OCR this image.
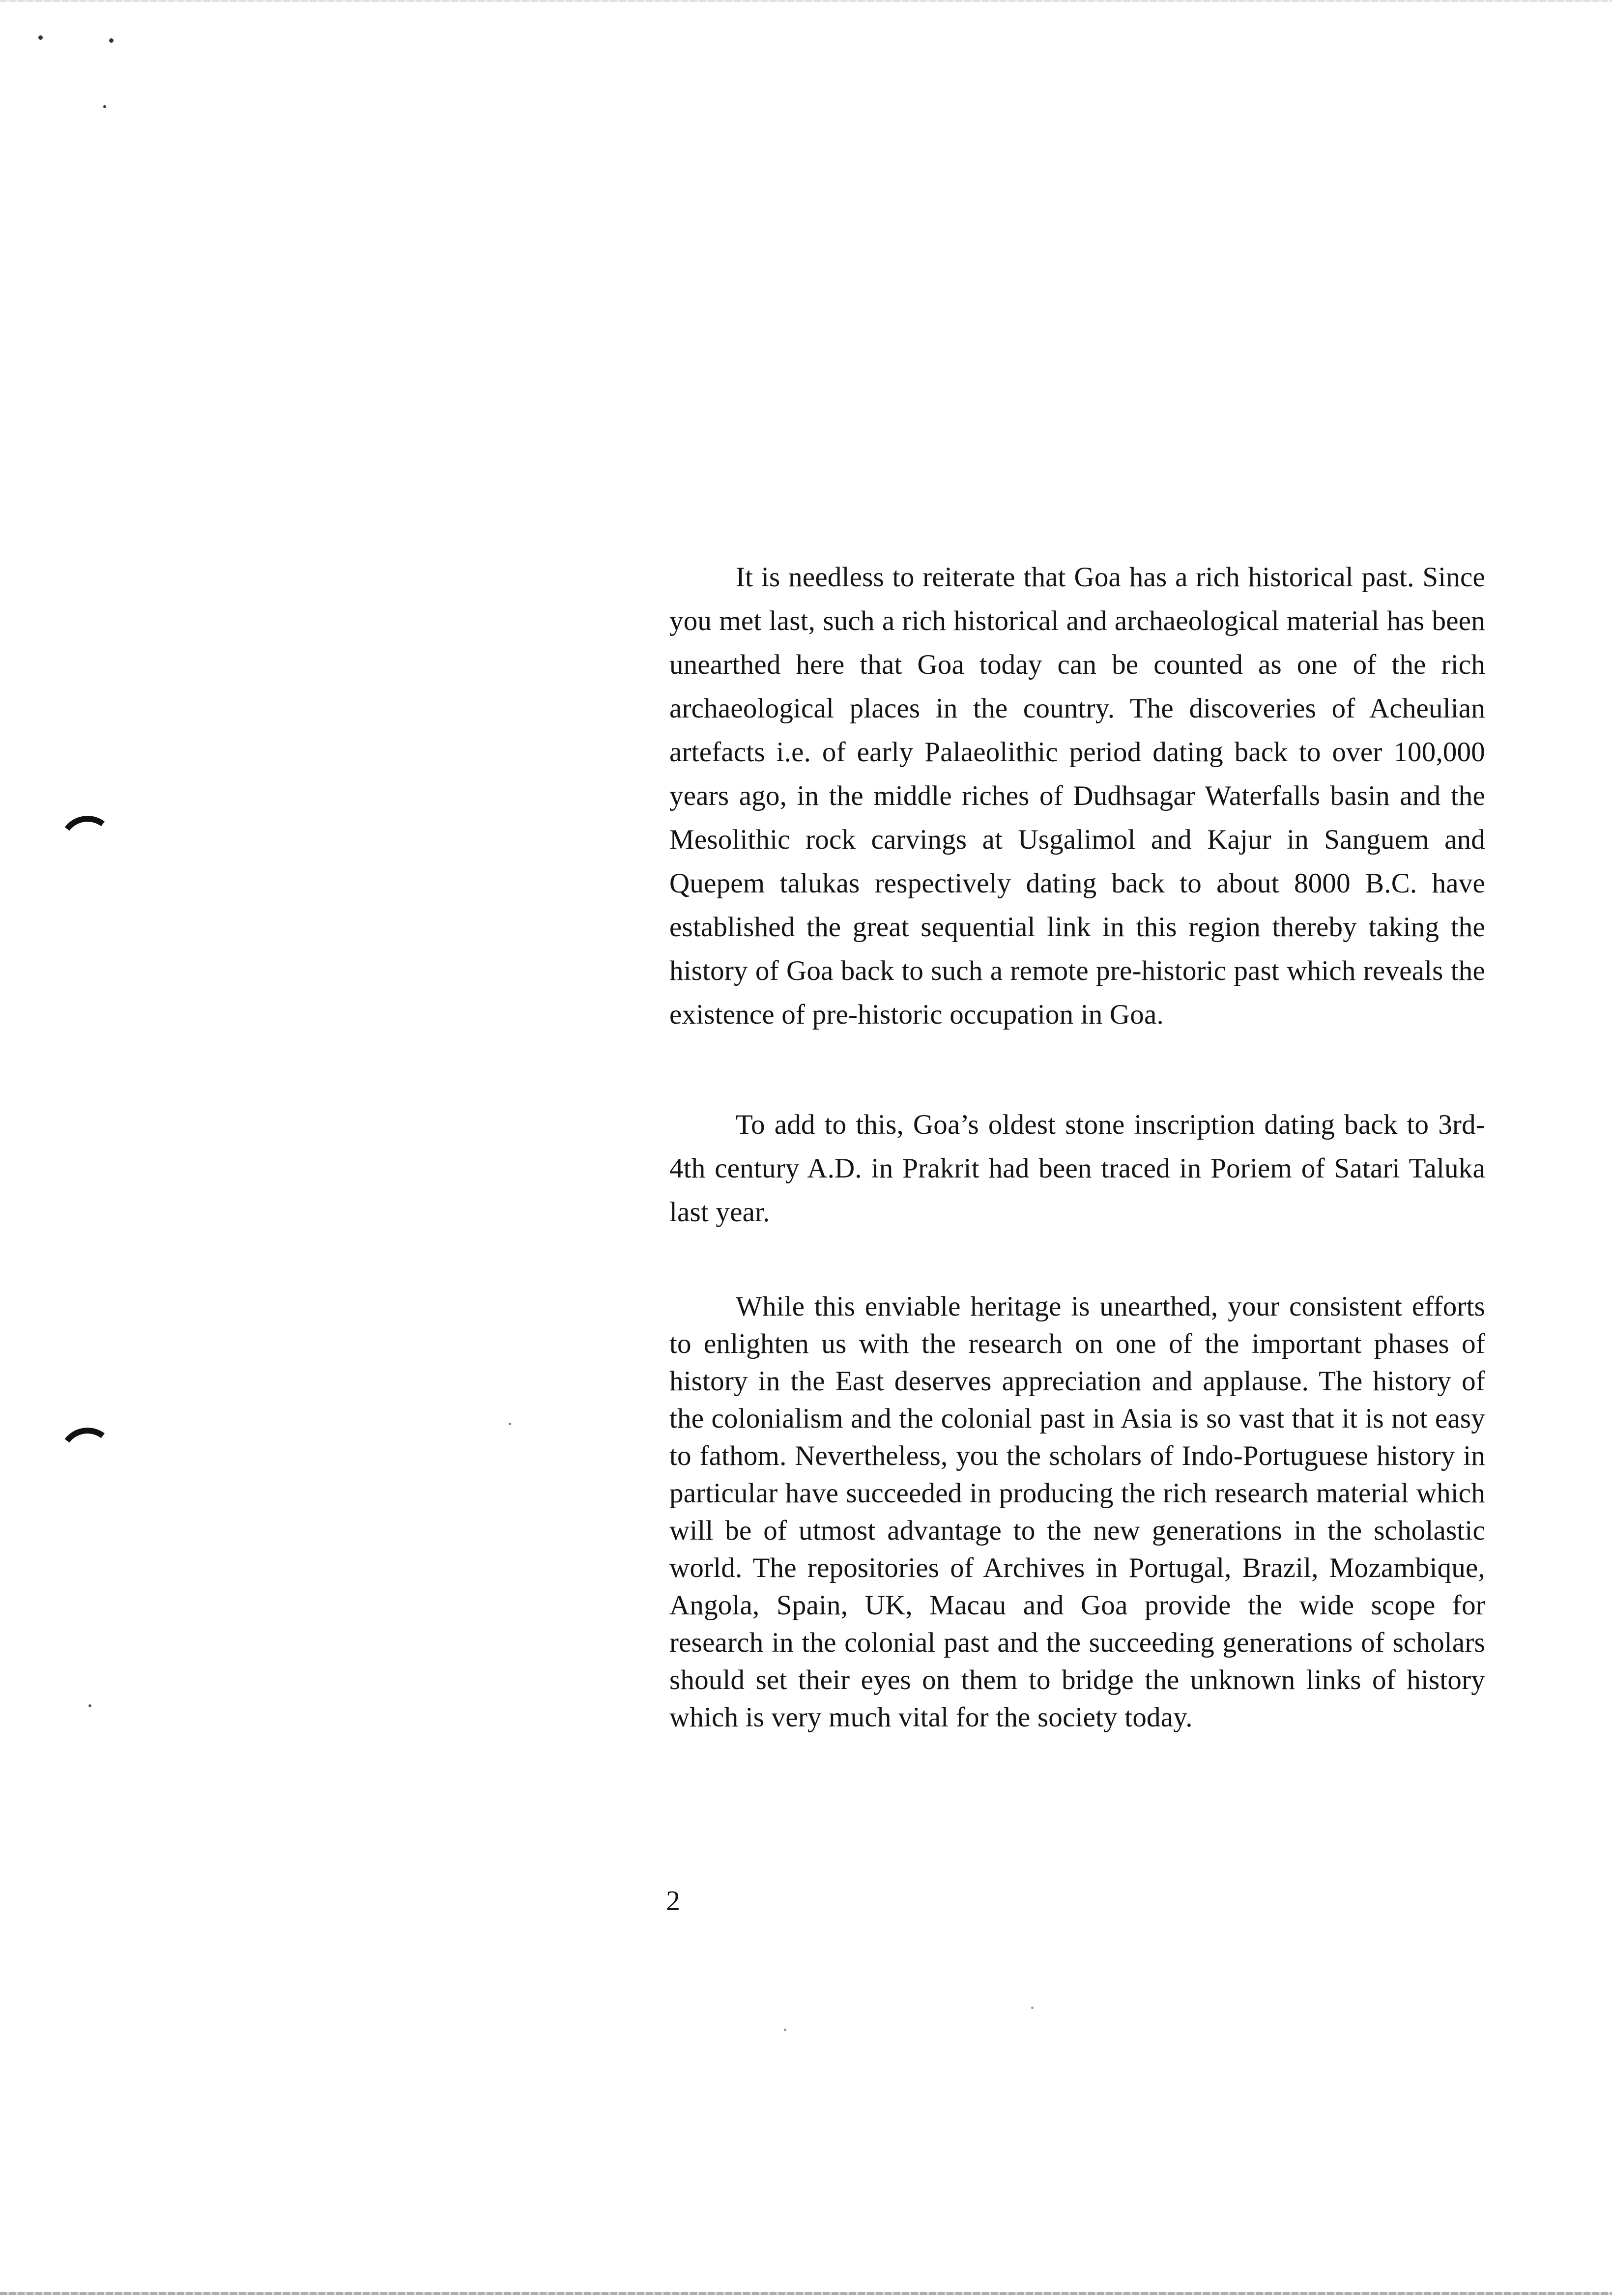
It is needless to reiterate that Goa has a rich historical past. Since you met last, such a rich historical and archaeological material has been unearthed here that Goa today can be counted as one of the rich archaeological places in the country. The discoveries of Acheulian artefacts i.e. of early Palaeolithic period dating back to over 100,000 years ago, in the middle riches of Dudhsagar Waterfalls basin and the Mesolithic rock carvings at Usgalimol and Kajur in Sanguem and Quepem talukas respectively dating back to about 8000 B.C. have established the great sequential link in this region thereby taking the history of Goa back to such a remote pre-historic past which reveals the existence of pre-historic occupation in Goa.

To add to this, Goa’s oldest stone inscription dating back to 3rd-4th century A.D. in Prakrit had been traced in Poriem of Satari Taluka last year.

While this enviable heritage is unearthed, your consistent efforts to enlighten us with the research on one of the important phases of history in the East deserves appreciation and applause. The history of the colonialism and the colonial past in Asia is so vast that it is not easy to fathom. Nevertheless, you the scholars of Indo-Portuguese history in particular have succeeded in producing the rich research material which will be of utmost advantage to the new generations in the scholastic world. The repositories of Archives in Portugal, Brazil, Mozambique, Angola, Spain, UK, Macau and Goa provide the wide scope for research in the colonial past and the succeeding generations of scholars should set their eyes on them to bridge the unknown links of history which is very much vital for the society today.

2
